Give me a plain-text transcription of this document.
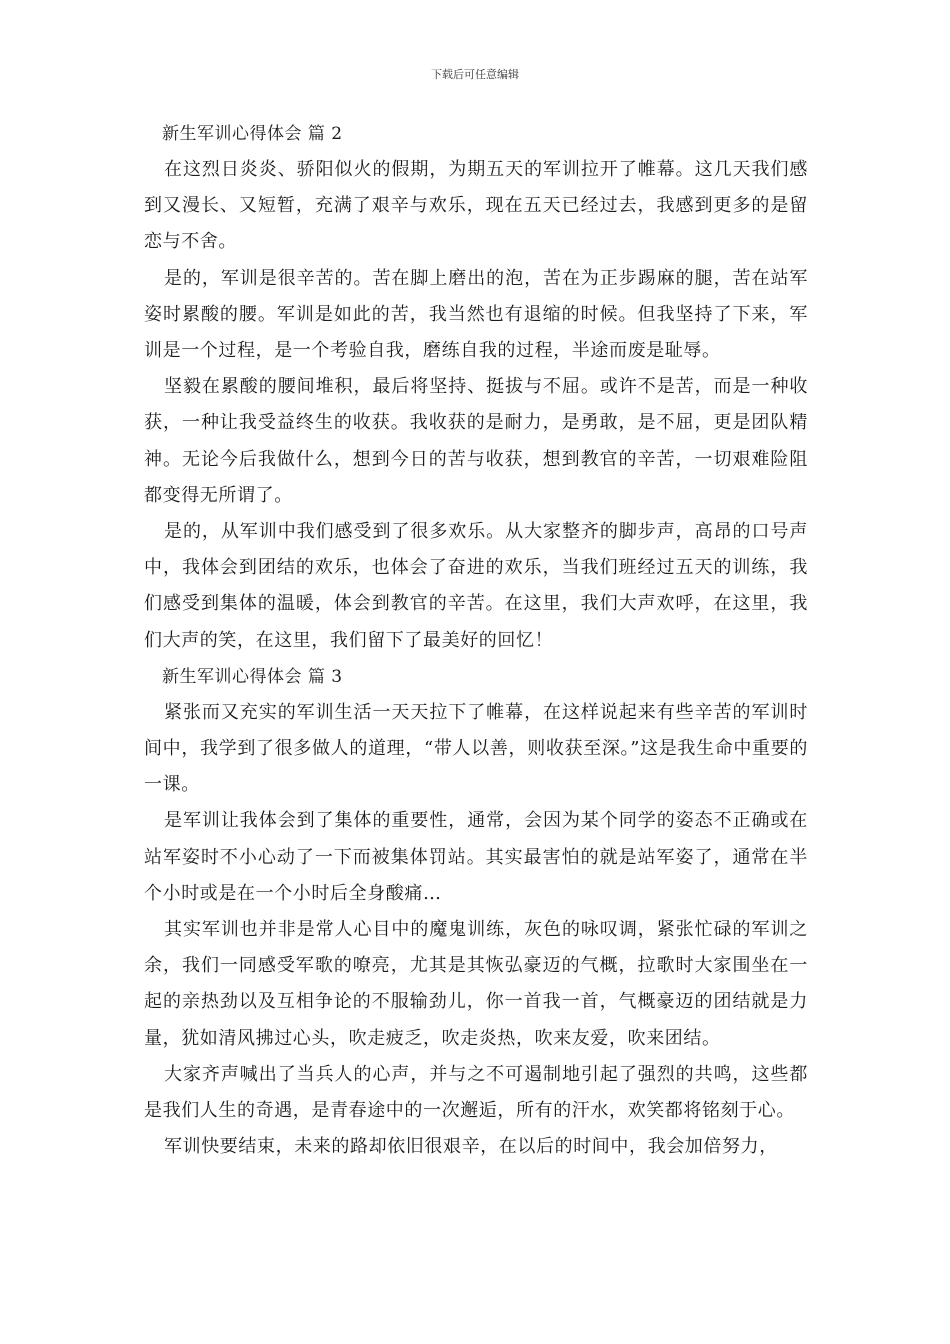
下载后可任意编辑
新生军训心得体会 篇 2

在这烈日炎炎、骄阳似火的假期，为期五天的军训拉开了帷幕。这几天我们感到又漫长、又短暂，充满了艰辛与欢乐，现在五天已经过去，我感到更多的是留恋与不舍。

是的，军训是很辛苦的。苦在脚上磨出的泡，苦在为正步踢麻的腿，苦在站军姿时累酸的腰。军训是如此的苦，我当然也有退缩的时候。但我坚持了下来，军训是一个过程，是一个考验自我，磨练自我的过程，半途而废是耻辱。

坚毅在累酸的腰间堆积，最后将坚持、挺拔与不屈。或许不是苦，而是一种收获，一种让我受益终生的收获。我收获的是耐力，是勇敢，是不屈，更是团队精神。无论今后我做什么，想到今日的苦与收获，想到教官的辛苦，一切艰难险阻都变得无所谓了。

是的，从军训中我们感受到了很多欢乐。从大家整齐的脚步声，高昂的口号声中，我体会到团结的欢乐，也体会了奋进的欢乐，当我们班经过五天的训练，我们感受到集体的温暖，体会到教官的辛苦。在这里，我们大声欢呼，在这里，我们大声的笑，在这里，我们留下了最美好的回忆！

新生军训心得体会 篇 3

紧张而又充实的军训生活一天天拉下了帷幕，在这样说起来有些辛苦的军训时间中，我学到了很多做人的道理，“带人以善，则收获至深。”这是我生命中重要的一课。

是军训让我体会到了集体的重要性，通常，会因为某个同学的姿态不正确或在站军姿时不小心动了一下而被集体罚站。其实最害怕的就是站军姿了，通常在半个小时或是在一个小时后全身酸痛…

其实军训也并非是常人心目中的魔鬼训练，灰色的咏叹调，紧张忙碌的军训之余，我们一同感受军歌的嘹亮，尤其是其恢弘豪迈的气概，拉歌时大家围坐在一起的亲热劲以及互相争论的不服输劲儿，你一首我一首，气概豪迈的团结就是力量，犹如清风拂过心头，吹走疲乏，吹走炎热，吹来友爱，吹来团结。

大家齐声喊出了当兵人的心声，并与之不可遏制地引起了强烈的共鸣，这些都是我们人生的奇遇，是青春途中的一次邂逅，所有的汗水，欢笑都将铭刻于心。

军训快要结束，未来的路却依旧很艰辛，在以后的时间中，我会加倍努力，
